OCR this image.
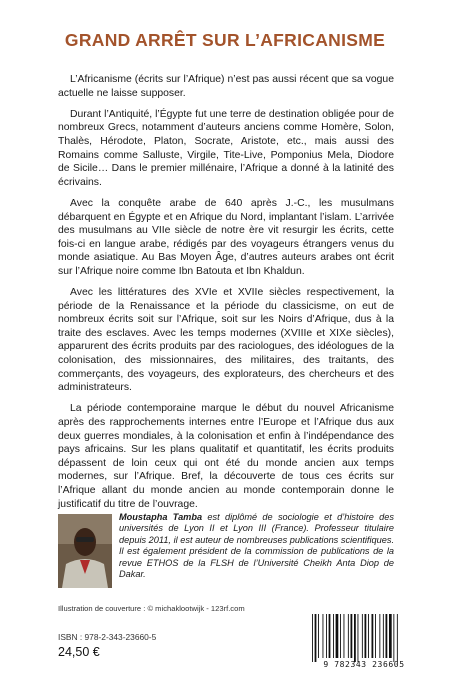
GRAND ARRÊT SUR L’AFRICANISME

L’Africanisme (écrits sur l’Afrique) n’est pas aussi récent que sa vogue actuelle ne laisse supposer.

Durant l’Antiquité, l’Égypte fut une terre de destination obligée pour de nombreux Grecs, notamment d’auteurs anciens comme Homère, Solon, Thalès, Hérodote, Platon, Socrate, Aristote, etc., mais aussi des Romains comme Salluste, Virgile, Tite-Live, Pomponius Mela, Diodore de Sicile… Dans le premier millénaire, l’Afrique a donné à la latinité des écrivains.

Avec la conquête arabe de 640 après J.-C., les musulmans débarquent en Égypte et en Afrique du Nord, implantant l’islam. L’arrivée des musulmans au VIIe siècle de notre ère vit resurgir les écrits, cette fois-ci en langue arabe, rédigés par des voyageurs étrangers venus du monde asiatique. Au Bas Moyen Âge, d’autres auteurs arabes ont écrit sur l’Afrique noire comme Ibn Batouta et Ibn Khaldun.

Avec les littératures des XVIe et XVIIe siècles respectivement, la période de la Renaissance et la période du classicisme, on eut de nombreux écrits soit sur l’Afrique, soit sur les Noirs d’Afrique, dus à la traite des esclaves. Avec les temps modernes (XVIIIe et XIXe siècles), apparurent des écrits produits par des raciologues, des idéologues de la colonisation, des missionnaires, des militaires, des traitants, des commerçants, des voyageurs, des explorateurs, des chercheurs et des administrateurs.

La période contemporaine marque le début du nouvel Africanisme après des rapprochements internes entre l’Europe et l’Afrique dus aux deux guerres mondiales, à la colonisation et enfin à l’indépendance des pays africains. Sur les plans qualitatif et quantitatif, les écrits produits dépassent de loin ceux qui ont été du monde ancien aux temps modernes, sur l’Afrique. Bref, la découverte de tous ces écrits sur l’Afrique allant du monde ancien au monde contemporain donne le justificatif du titre de l’ouvrage.

Moustapha Tamba est diplômé de sociologie et d’histoire des universités de Lyon II et Lyon III (France). Professeur titulaire depuis 2011, il est auteur de nombreuses publications scientifiques. Il est également président de la commission de publications de la revue ETHOS de la FLSH de l’Université Cheikh Anta Diop de Dakar.
Illustration de couverture : © michaklootwijk - 123rf.com
ISBN : 978-2-343-23660-5
24,50 €
9 782343 236605
